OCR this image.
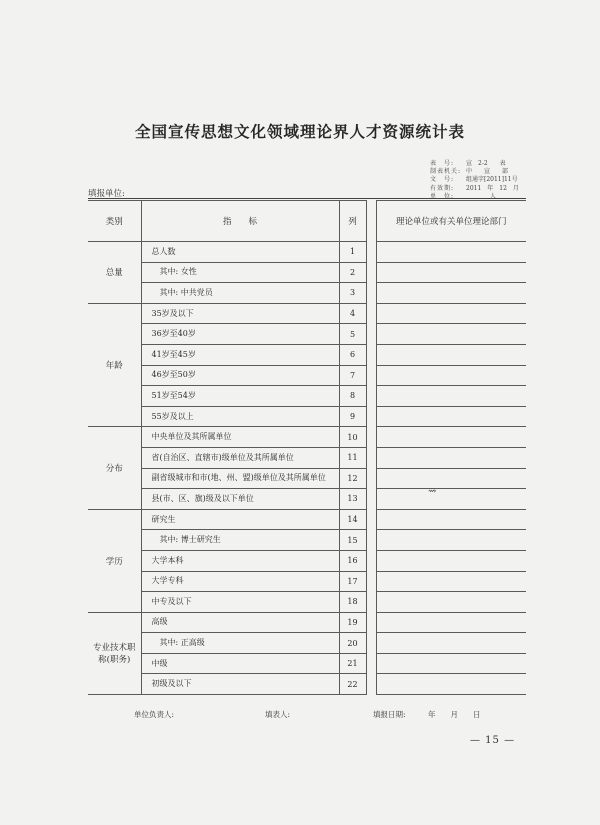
全国宣传思想文化领域理论界人才资源统计表
表　号:	宣　2-2　　表
制表机关: 中　　宣　　部
文　号:	组通字[2011]11号
有效期:	2011　年　12　月
单　位:	　　　　人
填报单位:
类别	指　　标	列		理论单位或有关单位理论部门
总量	总人数	1		
	其中: 女性	2		
	其中: 中共党员	3		
年龄	35岁及以下	4		
	36岁至40岁	5		
	41岁至45岁	6		
	46岁至50岁	7		
	51岁至54岁	8		
	55岁及以上	9		
分布	中央单位及其所属单位	10		
	省(自治区、直辖市)级单位及其所属单位	11		
	副省级城市和市(地、州、盟)级单位及其所属单位	12		
	县(市、区、旗)级及以下单位	13		
学历	研究生	14		
	其中: 博士研究生	15		
	大学本科	16		
	大学专科	17		
	中专及以下	18		
专业技术职称(职务)	高级	19		
	其中: 正高级	20		
	中级	21		
	初级及以下	22		
⇝
单位负责人:	填表人:	填报日期:　　　年　　月　　日
— 15 —
